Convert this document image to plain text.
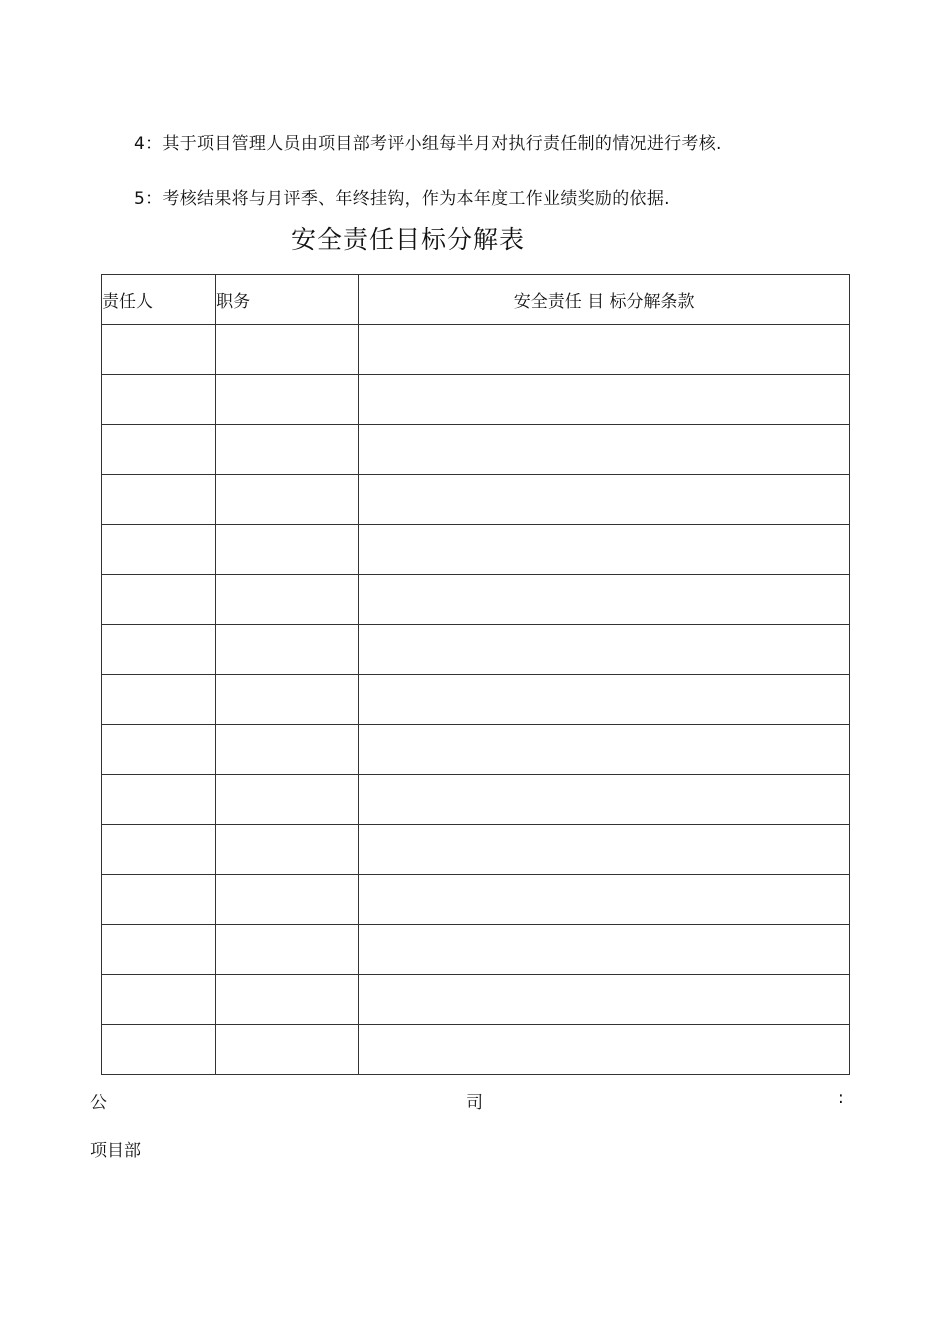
4：其于项目管理人员由项目部考评小组每半月对执行责任制的情况进行考核.
5：考核结果将与月评季、年终挂钩，作为本年度工作业绩奖励的依据.
安全责任目标分解表
责任人	职务	安全责任 目 标分解条款

公	司	:
项目部
